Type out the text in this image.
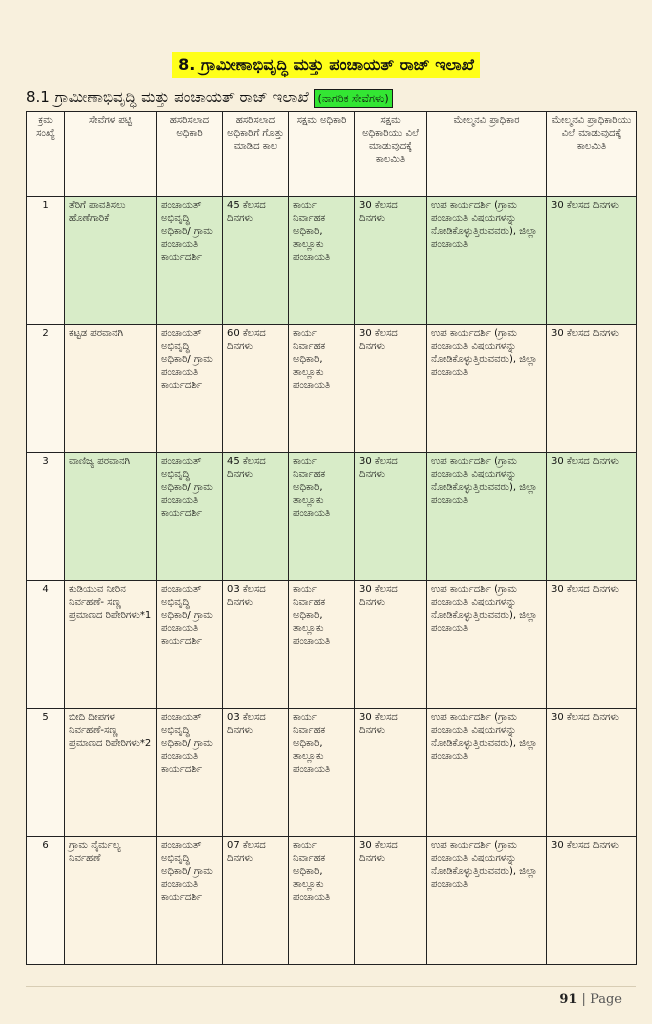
8. ಗ್ರಾಮೀಣಾಭಿವೃದ್ಧಿ ಮತ್ತು ಪಂಚಾಯತ್ ರಾಜ್ ಇಲಾಖೆ
8.1 ಗ್ರಾಮೀಣಾಭಿವೃದ್ಧಿ ಮತ್ತು ಪಂಚಾಯತ್ ರಾಜ್ ಇಲಾಖೆ (ನಾಗರಿಕ ಸೇವೆಗಳು)
ಕ್ರಮ ಸಂಖ್ಯೆ	ಸೇವೆಗಳ ಪಟ್ಟಿ	ಹಸರಿಸಲಾದ ಅಧಿಕಾರಿ	ಹಸರಿಸಲಾದ ಅಧಿಕಾರಿಗೆ ಗೊತ್ತು ಮಾಡಿದ ಕಾಲ	ಸಕ್ಷಮ ಅಧಿಕಾರಿ	ಸಕ್ಷಮ ಅಧಿಕಾರಿಯು ವಿಲೆ ಮಾಡುವುದಕ್ಕೆ ಕಾಲಮಿತಿ	ಮೇಲ್ಮನವಿ ಪ್ರಾಧಿಕಾರ	ಮೇಲ್ಮನವಿ ಪ್ರಾಧಿಕಾರಿಯು ವಿಲೆ ಮಾಡುವುದಕ್ಕೆ ಕಾಲಮಿತಿ
1	ತೆರಿಗೆ ಪಾವತಿಸಲು ಹೊಣೆಗಾರಿಕೆ	ಪಂಚಾಯತ್ ಅಭಿವೃದ್ಧಿ ಅಧಿಕಾರಿ/ ಗ್ರಾಮ ಪಂಚಾಯತಿ ಕಾರ್ಯದರ್ಶಿ	45 ಕೆಲಸದ ದಿನಗಳು	ಕಾರ್ಯ ನಿರ್ವಾಹಕ ಅಧಿಕಾರಿ, ತಾಲ್ಲೂಕು ಪಂಚಾಯತಿ	30 ಕೆಲಸದ ದಿನಗಳು	ಉಪ ಕಾರ್ಯದರ್ಶಿ (ಗ್ರಾಮ ಪಂಚಾಯತಿ ವಿಷಯಗಳನ್ನು ನೋಡಿಕೊಳ್ಳುತ್ತಿರುವವರು), ಜಿಲ್ಲಾ ಪಂಚಾಯತಿ	30 ಕೆಲಸದ ದಿನಗಳು
2	ಕಟ್ಟಡ ಪರವಾನಗಿ	ಪಂಚಾಯತ್ ಅಭಿವೃದ್ಧಿ ಅಧಿಕಾರಿ/ ಗ್ರಾಮ ಪಂಚಾಯತಿ ಕಾರ್ಯದರ್ಶಿ	60 ಕೆಲಸದ ದಿನಗಳು	ಕಾರ್ಯ ನಿರ್ವಾಹಕ ಅಧಿಕಾರಿ, ತಾಲ್ಲೂಕು ಪಂಚಾಯತಿ	30 ಕೆಲಸದ ದಿನಗಳು	ಉಪ ಕಾರ್ಯದರ್ಶಿ (ಗ್ರಾಮ ಪಂಚಾಯತಿ ವಿಷಯಗಳನ್ನು ನೋಡಿಕೊಳ್ಳುತ್ತಿರುವವರು), ಜಿಲ್ಲಾ ಪಂಚಾಯತಿ	30 ಕೆಲಸದ ದಿನಗಳು
3	ವಾಣಿಜ್ಯ ಪರವಾನಗಿ	ಪಂಚಾಯತ್ ಅಭಿವೃದ್ಧಿ ಅಧಿಕಾರಿ/ ಗ್ರಾಮ ಪಂಚಾಯತಿ ಕಾರ್ಯದರ್ಶಿ	45 ಕೆಲಸದ ದಿನಗಳು	ಕಾರ್ಯ ನಿರ್ವಾಹಕ ಅಧಿಕಾರಿ, ತಾಲ್ಲೂಕು ಪಂಚಾಯತಿ	30 ಕೆಲಸದ ದಿನಗಳು	ಉಪ ಕಾರ್ಯದರ್ಶಿ (ಗ್ರಾಮ ಪಂಚಾಯತಿ ವಿಷಯಗಳನ್ನು ನೋಡಿಕೊಳ್ಳುತ್ತಿರುವವರು), ಜಿಲ್ಲಾ ಪಂಚಾಯತಿ	30 ಕೆಲಸದ ದಿನಗಳು
4	ಕುಡಿಯುವ ನೀರಿನ ನಿರ್ವಹಣೆ- ಸಣ್ಣ ಪ್ರಮಾಣದ ರಿಪೇರಿಗಳು*1	ಪಂಚಾಯತ್ ಅಭಿವೃದ್ಧಿ ಅಧಿಕಾರಿ/ ಗ್ರಾಮ ಪಂಚಾಯತಿ ಕಾರ್ಯದರ್ಶಿ	03 ಕೆಲಸದ ದಿನಗಳು	ಕಾರ್ಯ ನಿರ್ವಾಹಕ ಅಧಿಕಾರಿ, ತಾಲ್ಲೂಕು ಪಂಚಾಯತಿ	30 ಕೆಲಸದ ದಿನಗಳು	ಉಪ ಕಾರ್ಯದರ್ಶಿ (ಗ್ರಾಮ ಪಂಚಾಯತಿ ವಿಷಯಗಳನ್ನು ನೋಡಿಕೊಳ್ಳುತ್ತಿರುವವರು), ಜಿಲ್ಲಾ ಪಂಚಾಯತಿ	30 ಕೆಲಸದ ದಿನಗಳು
5	ಬೀದಿ ದೀಪಗಳ ನಿರ್ವಹಣೆ-ಸಣ್ಣ ಪ್ರಮಾಣದ ರಿಪೇರಿಗಳು*2	ಪಂಚಾಯತ್ ಅಭಿವೃದ್ಧಿ ಅಧಿಕಾರಿ/ ಗ್ರಾಮ ಪಂಚಾಯತಿ ಕಾರ್ಯದರ್ಶಿ	03 ಕೆಲಸದ ದಿನಗಳು	ಕಾರ್ಯ ನಿರ್ವಾಹಕ ಅಧಿಕಾರಿ, ತಾಲ್ಲೂಕು ಪಂಚಾಯತಿ	30 ಕೆಲಸದ ದಿನಗಳು	ಉಪ ಕಾರ್ಯದರ್ಶಿ (ಗ್ರಾಮ ಪಂಚಾಯತಿ ವಿಷಯಗಳನ್ನು ನೋಡಿಕೊಳ್ಳುತ್ತಿರುವವರು), ಜಿಲ್ಲಾ ಪಂಚಾಯತಿ	30 ಕೆಲಸದ ದಿನಗಳು
6	ಗ್ರಾಮ ನೈರ್ಮಲ್ಯ ನಿರ್ವಹಣೆ	ಪಂಚಾಯತ್ ಅಭಿವೃದ್ಧಿ ಅಧಿಕಾರಿ/ ಗ್ರಾಮ ಪಂಚಾಯತಿ ಕಾರ್ಯದರ್ಶಿ	07 ಕೆಲಸದ ದಿನಗಳು	ಕಾರ್ಯ ನಿರ್ವಾಹಕ ಅಧಿಕಾರಿ, ತಾಲ್ಲೂಕು ಪಂಚಾಯತಿ	30 ಕೆಲಸದ ದಿನಗಳು	ಉಪ ಕಾರ್ಯದರ್ಶಿ (ಗ್ರಾಮ ಪಂಚಾಯತಿ ವಿಷಯಗಳನ್ನು ನೋಡಿಕೊಳ್ಳುತ್ತಿರುವವರು), ಜಿಲ್ಲಾ ಪಂಚಾಯತಿ	30 ಕೆಲಸದ ದಿನಗಳು
91 | Page
